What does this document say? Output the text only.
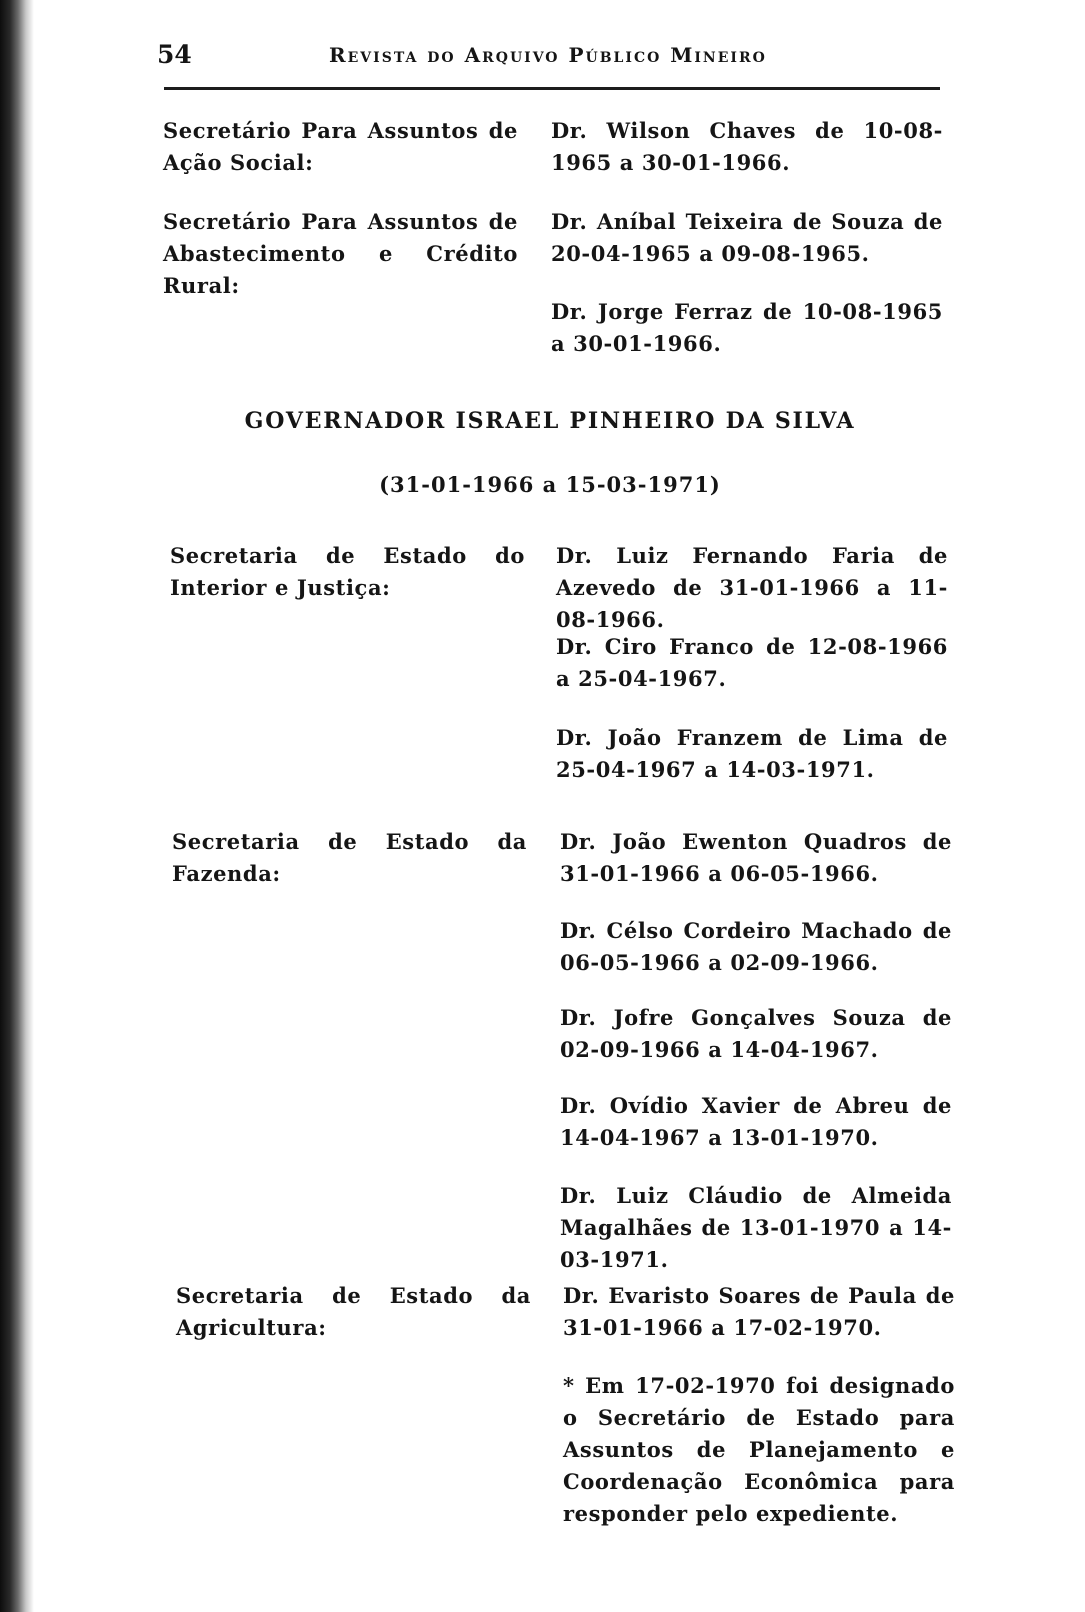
54	Revista do Arquivo Público Mineiro
Secretário Para Assuntos de Ação Social:
Dr. Wilson Chaves de 10-08-1965 a 30-01-1966.
Secretário Para Assuntos de Abastecimento e Crédito Rural:
Dr. Aníbal Teixeira de Souza de 20-04-1965 a 09-08-1965.
Dr. Jorge Ferraz de 10-08-1965 a 30-01-1966.
GOVERNADOR ISRAEL PINHEIRO DA SILVA
(31-01-1966 a 15-03-1971)
Secretaria de Estado do Interior e Justiça:
Dr. Luiz Fernando Faria de Azevedo de 31-01-1966 a 11-08-1966.
Dr. Ciro Franco de 12-08-1966 a 25-04-1967.
Dr. João Franzem de Lima de 25-04-1967 a 14-03-1971.
Secretaria de Estado da Fazenda:
Dr. João Ewenton Quadros de 31-01-1966 a 06-05-1966.
Dr. Célso Cordeiro Machado de 06-05-1966 a 02-09-1966.
Dr. Jofre Gonçalves Souza de 02-09-1966 a 14-04-1967.
Dr. Ovídio Xavier de Abreu de 14-04-1967 a 13-01-1970.
Dr. Luiz Cláudio de Almeida Magalhães de 13-01-1970 a 14-03-1971.
Secretaria de Estado da Agricultura:
Dr. Evaristo Soares de Paula de 31-01-1966 a 17-02-1970.
* Em 17-02-1970 foi designado o Secretário de Estado para Assuntos de Planejamento e Coordenação Econômica para responder pelo expediente.
